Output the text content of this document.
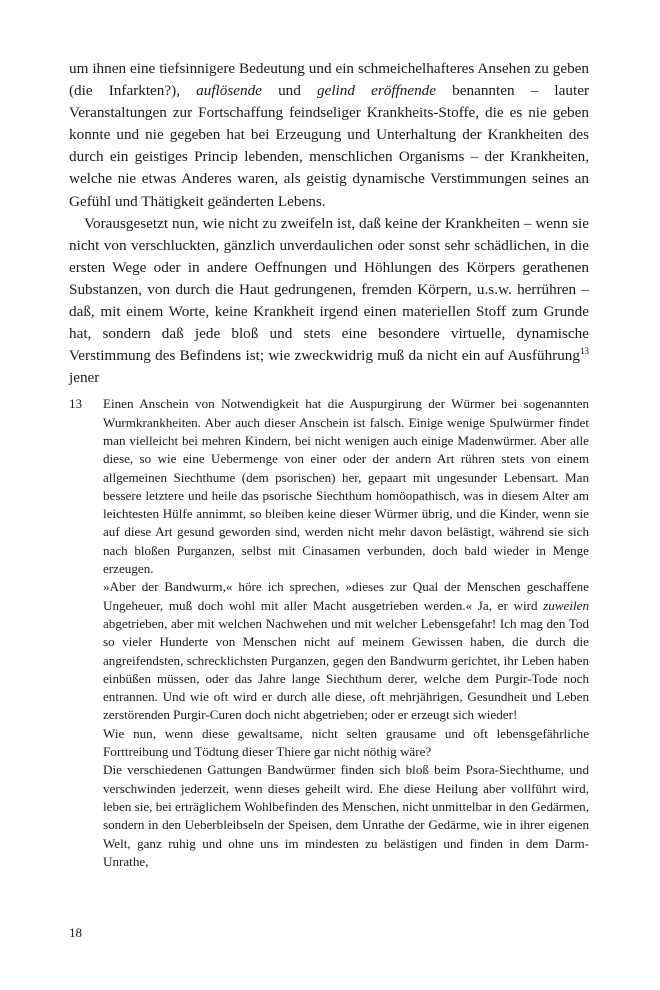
um ihnen eine tiefsinnigere Bedeutung und ein schmeichelhafteres Ansehen zu geben (die Infarkten?), auflösende und gelind eröffnende benannten – lauter Veranstaltungen zur Fortschaffung feindseliger Krankheits-Stoffe, die es nie geben konnte und nie gegeben hat bei Erzeugung und Unterhaltung der Krankheiten des durch ein geistiges Princip lebenden, menschlichen Organisms – der Krankheiten, welche nie etwas Anderes waren, als geistig dynamische Verstimmungen seines an Gefühl und Thätigkeit geänderten Lebens.

Vorausgesetzt nun, wie nicht zu zweifeln ist, daß keine der Krankheiten – wenn sie nicht von verschluckten, gänzlich unverdaulichen oder sonst sehr schädlichen, in die ersten Wege oder in andere Oeffnungen und Höhlungen des Körpers gerathenen Substanzen, von durch die Haut gedrungenen, fremden Körpern, u.s.w. herrühren – daß, mit einem Worte, keine Krankheit irgend einen materiellen Stoff zum Grunde hat, sondern daß jede bloß und stets eine besondere virtuelle, dynamische Verstimmung des Befindens ist; wie zweckwidrig muß da nicht ein auf Ausführung$^{13}$ jener

13	Einen Anschein von Notwendigkeit hat die Auspurgirung der Würmer bei sogenannten Wurmkrankheiten. Aber auch dieser Anschein ist falsch. Einige wenige Spulwürmer findet man vielleicht bei mehren Kindern, bei nicht wenigen auch einige Madenwürmer. Aber alle diese, so wie eine Uebermenge von einer oder der andern Art rühren stets von einem allgemeinen Siechthume (dem psorischen) her, gepaart mit ungesunder Lebensart. Man bessere letztere und heile das psorische Siechthum homöopathisch, was in diesem Alter am leichtesten Hülfe annimmt, so bleiben keine dieser Würmer übrig, und die Kinder, wenn sie auf diese Art gesund geworden sind, werden nicht mehr davon belästigt, während sie sich nach bloßen Purganzen, selbst mit Cinasamen verbunden, doch bald wieder in Menge erzeugen.

»Aber der Bandwurm,« höre ich sprechen, »dieses zur Qual der Menschen geschaffene Ungeheuer, muß doch wohl mit aller Macht ausgetrieben werden.« Ja, er wird zuweilen abgetrieben, aber mit welchen Nachwehen und mit welcher Lebensgefahr! Ich mag den Tod so vieler Hunderte von Menschen nicht auf meinem Gewissen haben, die durch die angreifendsten, schrecklichsten Purganzen, gegen den Bandwurm gerichtet, ihr Leben haben einbüßen müssen, oder das Jahre lange Siechthum derer, welche dem Purgir-Tode noch entrannen. Und wie oft wird er durch alle diese, oft mehrjährigen, Gesundheit und Leben zerstörenden Purgir-Curen doch nicht abgetrieben; oder er erzeugt sich wieder!

Wie nun, wenn diese gewaltsame, nicht selten grausame und oft lebensgefährliche Forttreibung und Tödtung dieser Thiere gar nicht nöthig wäre?

Die verschiedenen Gattungen Bandwürmer finden sich bloß beim Psora-Siechthume, und verschwinden jederzeit, wenn dieses geheilt wird. Ehe diese Heilung aber vollführt wird, leben sie, bei erträglichem Wohlbefinden des Menschen, nicht unmittelbar in den Gedärmen, sondern in den Ueberbleibseln der Speisen, dem Unrathe der Gedärme, wie in ihrer eigenen Welt, ganz ruhig und ohne uns im mindesten zu belästigen und finden in dem Darm-Unrathe,

18
